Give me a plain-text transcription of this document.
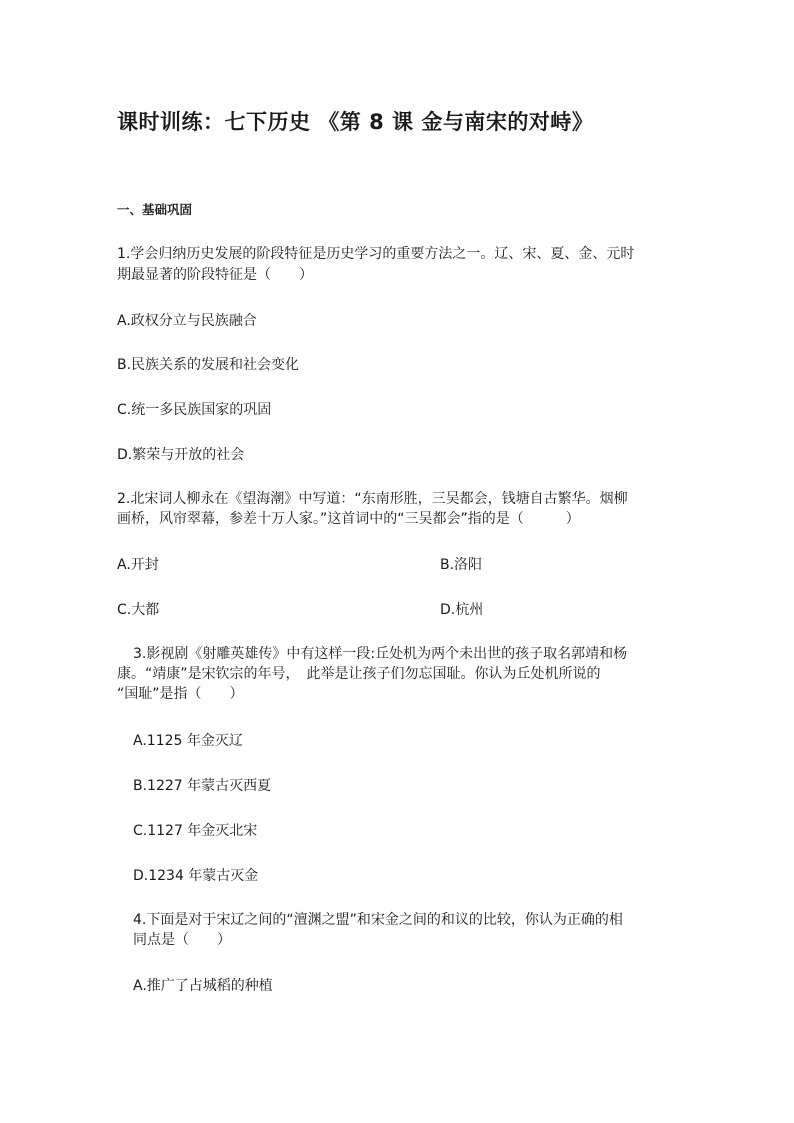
课时训练：七下历史 《第 8 课 金与南宋的对峙》
一、基础巩固
1.学会归纳历史发展的阶段特征是历史学习的重要方法之一。辽、宋、夏、金、元时
期最显著的阶段特征是（　　）
A.政权分立与民族融合
B.民族关系的发展和社会变化
C.统一多民族国家的巩固
D.繁荣与开放的社会
2.北宋词人柳永在《望海潮》中写道：“东南形胜，三吴都会，钱塘自古繁华。烟柳
画桥，风帘翠幕，参差十万人家。”这首词中的“三吴都会”指的是（　　　）
A.开封	B.洛阳
C.大都	D.杭州
3.影视剧《射雕英雄传》中有这样一段:丘处机为两个未出世的孩子取名郭靖和杨
康。“靖康”是宋钦宗的年号，　此举是让孩子们勿忘国耻。你认为丘处机所说的
“国耻”是指（　　）
A.1125 年金灭辽
B.1227 年蒙古灭西夏
C.1127 年金灭北宋
D.1234 年蒙古灭金
4.下面是对于宋辽之间的“澶渊之盟”和宋金之间的和议的比较，你认为正确的相
同点是（　　）
A.推广了占城稻的种植
